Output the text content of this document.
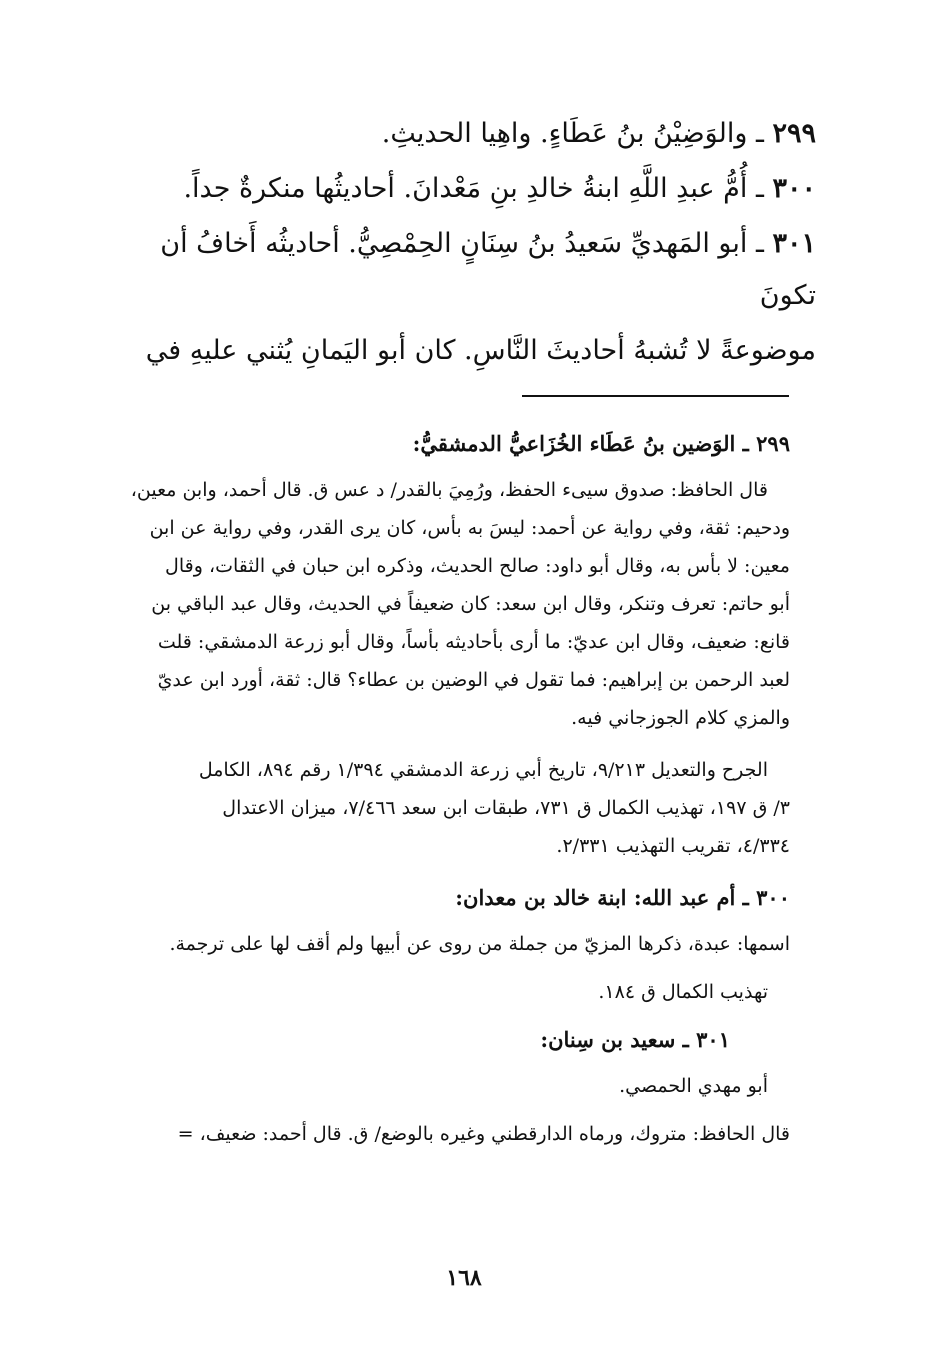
٢٩٩ ـ والوَضِيْنُ بنُ عَطَاءٍ. واهِيا الحديثِ.

٣٠٠ ـ أُمُّ عبدِ اللَّهِ ابنةُ خالدِ بنِ مَعْدانَ. أحاديثُها منكرةٌ جداً.

٣٠١ ـ أبو المَهديِّ سَعيدُ بنُ سِنَانٍ الحِمْصِيُّ. أحاديثُه أَخافُ أن تكونَ

موضوعةً لا تُشبهُ أحاديثَ النَّاسِ. كان أبو اليَمانِ يُثني عليهِ في

٢٩٩ ـ الوَضين بنُ عَطَاء الخُزَاعيُّ الدمشقيُّ:

قال الحافظ: صدوق سيىء الحفظ، ورُمِيَ بالقدر/ د عس ق. قال أحمد، وابن معين،

ودحيم: ثقة، وفي رواية عن أحمد: ليسَ به بأس، كان يرى القدر، وفي رواية عن ابن

معين: لا بأس به، وقال أبو داود: صالح الحديث، وذكره ابن حبان في الثقات، وقال

أبو حاتم: تعرف وتنكر، وقال ابن سعد: كان ضعيفاً في الحديث، وقال عبد الباقي بن

قانع: ضعيف، وقال ابن عديّ: ما أرى بأحاديثه بأساً، وقال أبو زرعة الدمشقي: قلت

لعبد الرحمن بن إبراهيم: فما تقول في الوضين بن عطاء؟ قال: ثقة، أورد ابن عديّ

والمزي كلام الجوزجاني فيه.

الجرح والتعديل ٩/٢١٣، تاريخ أبي زرعة الدمشقي ١/٣٩٤ رقم ٨٩٤، الكامل

٣/ ق ١٩٧، تهذيب الكمال ق ٧٣١، طبقات ابن سعد ٧/٤٦٦، ميزان الاعتدال

٤/٣٣٤، تقريب التهذيب ٢/٣٣١.

٣٠٠ ـ أم عبد الله: ابنة خالد بن معدان:

اسمها: عبدة، ذكرها المزيّ من جملة من روى عن أبيها ولم أقف لها على ترجمة.

تهذيب الكمال ق ١٨٤.

٣٠١ ـ سعيد بن سِنان:

أبو مهدي الحمصي.

قال الحافظ: متروك، ورماه الدارقطني وغيره بالوضع/ ق. قال أحمد: ضعيف، =

١٦٨
